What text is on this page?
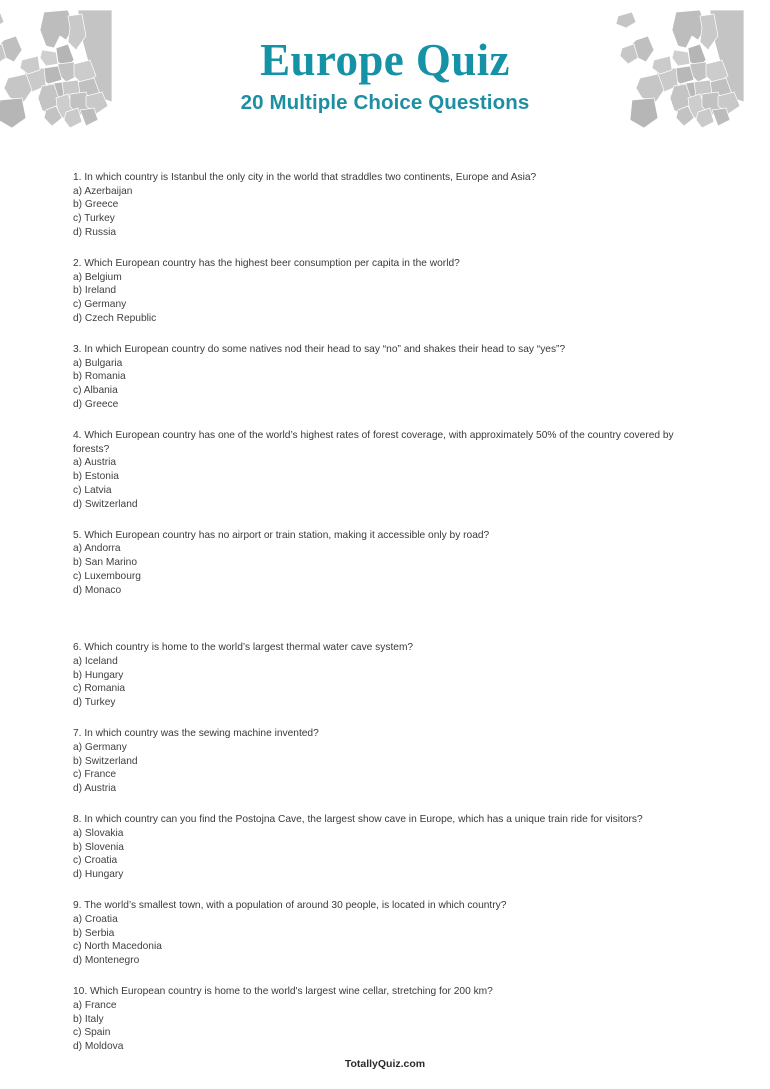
Europe Quiz
20 Multiple Choice Questions

1. In which country is Istanbul the only city in the world that straddles two continents, Europe and Asia?

a) Azerbaijan

b) Greece

c) Turkey

d) Russia

2. Which European country has the highest beer consumption per capita in the world?

a) Belgium

b) Ireland

c) Germany

d) Czech Republic

3. In which European country do some natives nod their head to say “no” and shakes their head to say “yes”?

a) Bulgaria

b) Romania

c) Albania

d) Greece

4. Which European country has one of the world’s highest rates of forest coverage, with approximately 50% of the country covered by forests?

a) Austria

b) Estonia

c) Latvia

d) Switzerland

5. Which European country has no airport or train station, making it accessible only by road?

a) Andorra

b) San Marino

c) Luxembourg

d) Monaco

6. Which country is home to the world’s largest thermal water cave system?

a) Iceland

b) Hungary

c) Romania

d) Turkey

7. In which country was the sewing machine invented?

a) Germany

b) Switzerland

c) France

d) Austria

8. In which country can you find the Postojna Cave, the largest show cave in Europe, which has a unique train ride for visitors?

a) Slovakia

b) Slovenia

c) Croatia

d) Hungary

9. The world’s smallest town, with a population of around 30 people, is located in which country?

a) Croatia

b) Serbia

c) North Macedonia

d) Montenegro

10. Which European country is home to the world's largest wine cellar, stretching for 200 km?

a) France

b) Italy

c) Spain

d) Moldova

TotallyQuiz.com
